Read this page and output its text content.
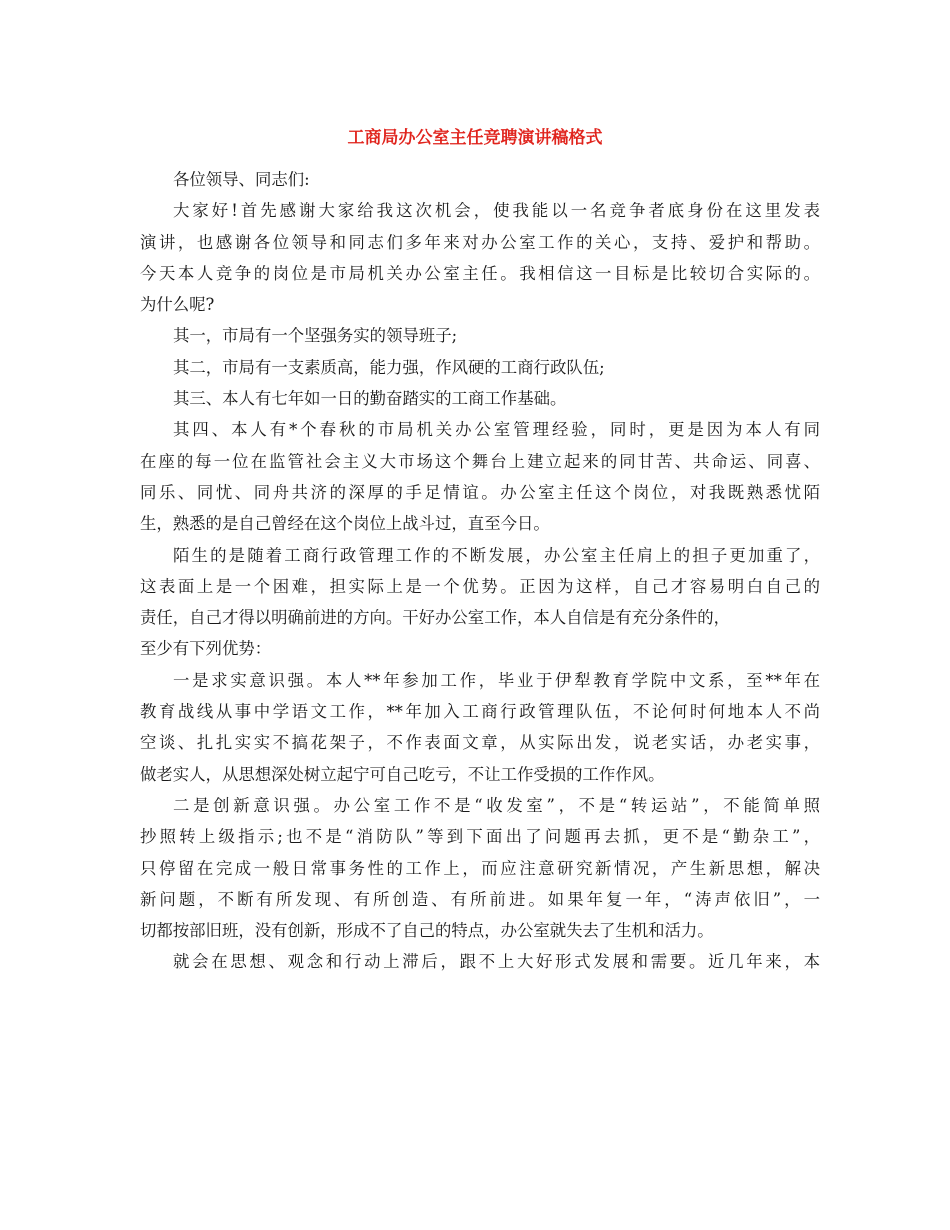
工商局办公室主任竞聘演讲稿格式
各位领导、同志们:
大家好!首先感谢大家给我这次机会，使我能以一名竞争者底身份在这里发表
演讲，也感谢各位领导和同志们多年来对办公室工作的关心，支持、爱护和帮助。
今天本人竞争的岗位是市局机关办公室主任。我相信这一目标是比较切合实际的。
为什么呢?
其一，市局有一个坚强务实的领导班子;
其二，市局有一支素质高，能力强，作风硬的工商行政队伍;
其三、本人有七年如一日的勤奋踏实的工商工作基础。
其四、本人有*个春秋的市局机关办公室管理经验，同时，更是因为本人有同
在座的每一位在监管社会主义大市场这个舞台上建立起来的同甘苦、共命运、同喜、
同乐、同忧、同舟共济的深厚的手足情谊。办公室主任这个岗位，对我既熟悉忧陌
生，熟悉的是自己曾经在这个岗位上战斗过，直至今日。
陌生的是随着工商行政管理工作的不断发展，办公室主任肩上的担子更加重了，
这表面上是一个困难，担实际上是一个优势。正因为这样，自己才容易明白自己的
责任，自己才得以明确前进的方向。干好办公室工作，本人自信是有充分条件的，
至少有下列优势：
一是求实意识强。本人**年参加工作，毕业于伊犁教育学院中文系，至**年在
教育战线从事中学语文工作，**年加入工商行政管理队伍，不论何时何地本人不尚
空谈、扎扎实实不搞花架子，不作表面文章，从实际出发，说老实话，办老实事，
做老实人，从思想深处树立起宁可自己吃亏，不让工作受损的工作作风。
二是创新意识强。办公室工作不是“收发室”，不是“转运站”，不能简单照
抄照转上级指示;也不是“消防队”等到下面出了问题再去抓，更不是“勤杂工”，
只停留在完成一般日常事务性的工作上，而应注意研究新情况，产生新思想，解决
新问题，不断有所发现、有所创造、有所前进。如果年复一年，“涛声依旧”，一
切都按部旧班，没有创新，形成不了自己的特点，办公室就失去了生机和活力。
就会在思想、观念和行动上滞后，跟不上大好形式发展和需要。近几年来，本
